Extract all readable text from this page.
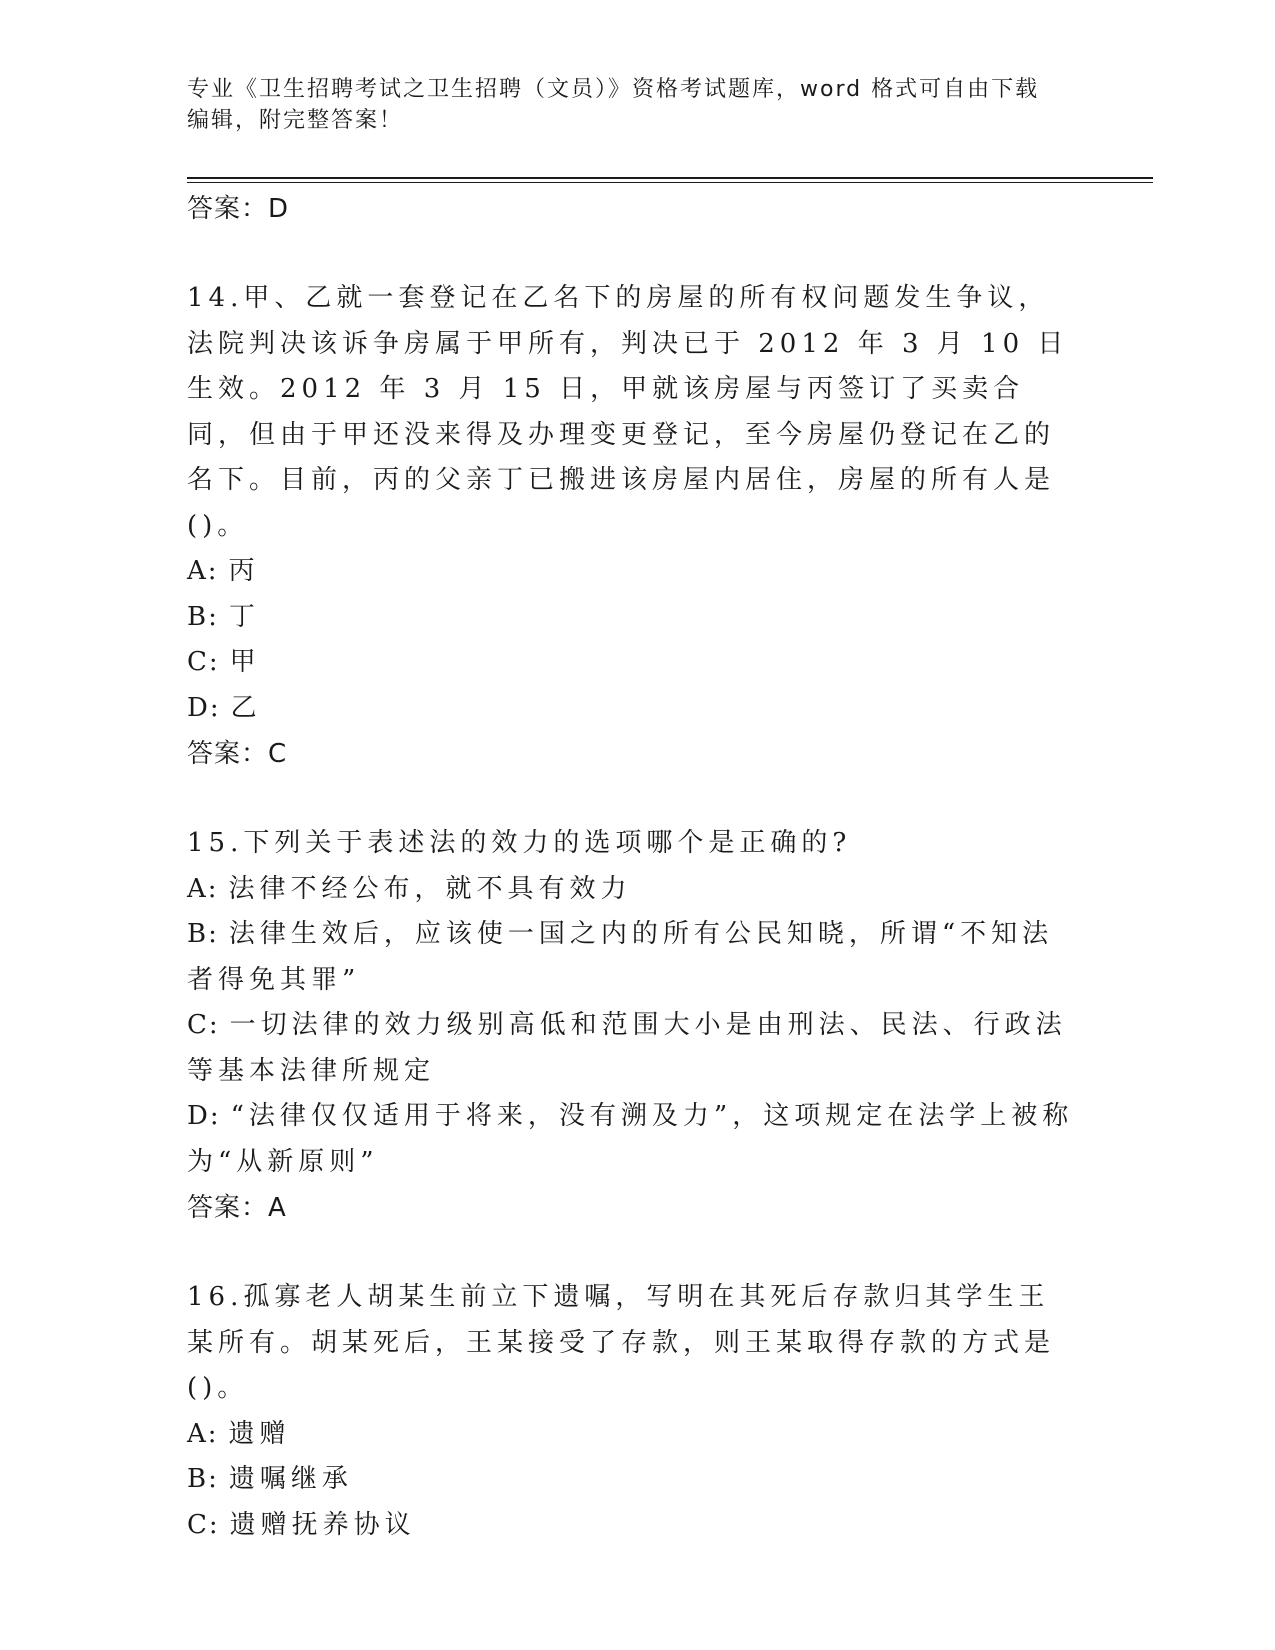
专业《卫生招聘考试之卫生招聘（文员）》资格考试题库，word 格式可自由下载
编辑，附完整答案！
答案：D
14.甲、乙就一套登记在乙名下的房屋的所有权问题发生争议，法院判决该诉争房属于甲所有，判决已于 2012 年 3 月 10 日生效。2012 年 3 月 15 日，甲就该房屋与丙签订了买卖合同，但由于甲还没来得及办理变更登记，至今房屋仍登记在乙的名下。目前，丙的父亲丁已搬进该房屋内居住，房屋的所有人是()。
A: 丙
B: 丁
C: 甲
D: 乙
答案：C
15.下列关于表述法的效力的选项哪个是正确的?
A: 法律不经公布，就不具有效力
B: 法律生效后，应该使一国之内的所有公民知晓，所谓“不知法者得免其罪”
C: 一切法律的效力级别高低和范围大小是由刑法、民法、行政法等基本法律所规定
D: “法律仅仅适用于将来，没有溯及力”，这项规定在法学上被称为“从新原则”
答案：A
16.孤寡老人胡某生前立下遗嘱，写明在其死后存款归其学生王某所有。胡某死后，王某接受了存款，则王某取得存款的方式是()。
A: 遗赠
B: 遗嘱继承
C: 遗赠抚养协议
